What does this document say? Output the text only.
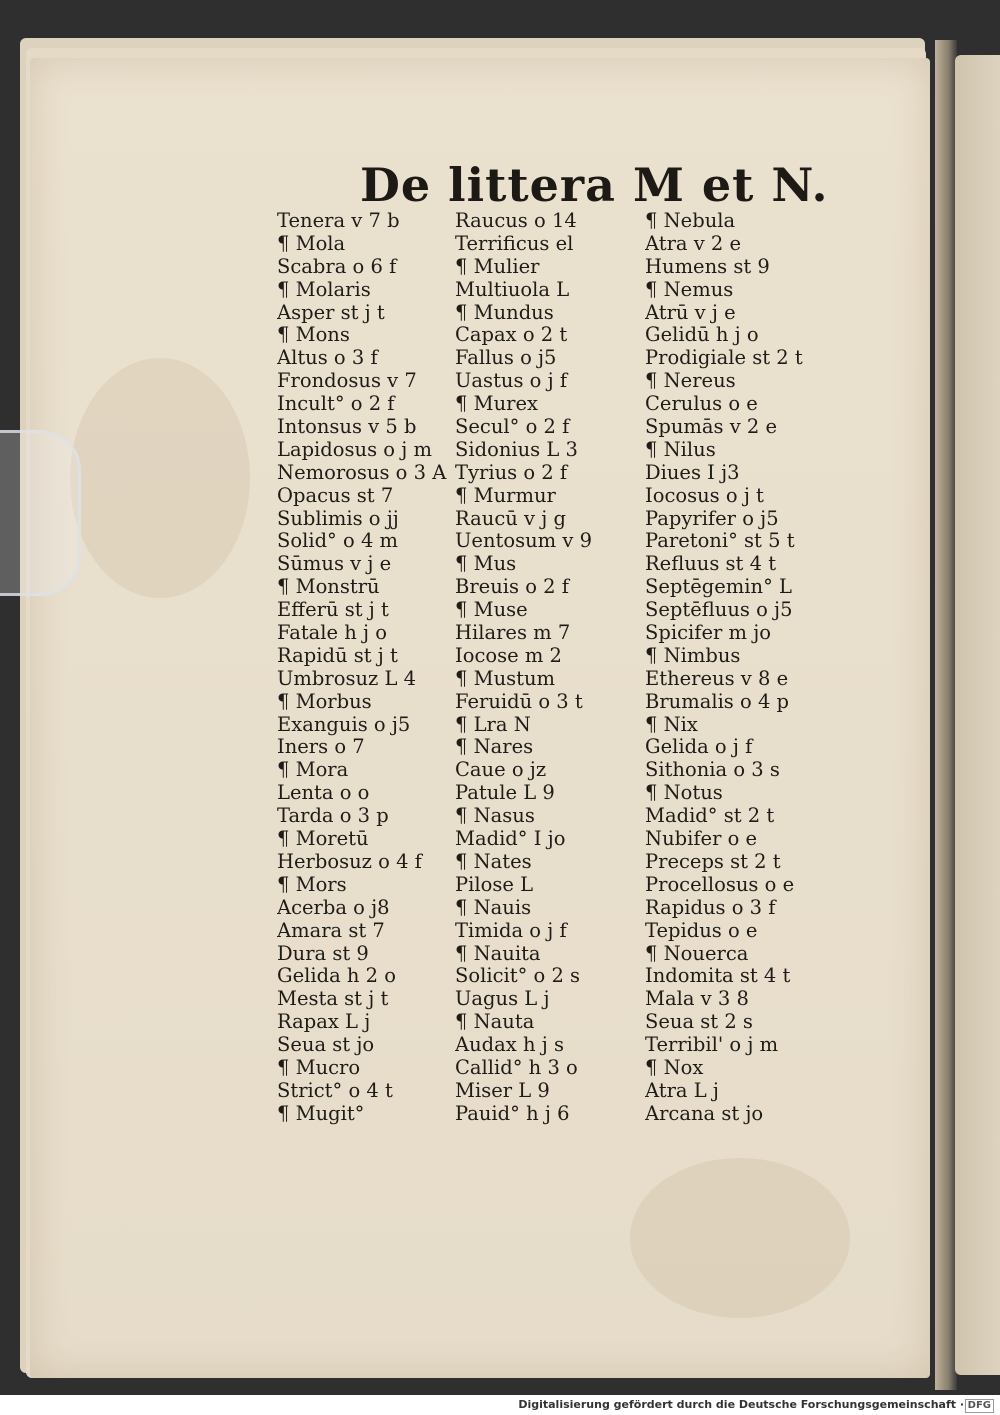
De littera M et N.
Tenera v 7 b
¶ Mola
Scabra o 6 f
¶ Molaris
Asper st j t
¶ Mons
Altus o 3 f
Frondosus v 7
Incult° o 2 f
Intonsus v 5 b
Lapidosus o j m
Nemorosus o 3 A
Opacus st 7
Sublimis o jj
Solid° o 4 m
Sūmus v j e
¶ Monstrū
Efferū st j t
Fatale h j o
Rapidū st j t
Umbrosuz L 4
¶ Morbus
Exanguis o j5
Iners o 7
¶ Mora
Lenta o o
Tarda o 3 p
¶ Moretū
Herbosuz o 4 f
¶ Mors
Acerba o j8
Amara st 7
Dura st 9
Gelida h 2 o
Mesta st j t
Rapax L j
Seua st jo
¶ Mucro
Strict° o 4 t
¶ Mugit°
Raucus o 14
Terrificus el
¶ Mulier
Multiuola L
¶ Mundus
Capax o 2 t
Fallus o j5
Uastus o j f
¶ Murex
Secul° o 2 f
Sidonius L 3
Tyrius o 2 f
¶ Murmur
Raucū v j g
Uentosum v 9
¶ Mus
Breuis o 2 f
¶ Muse
Hilares m 7
Iocose m 2
¶ Mustum
Feruidū o 3 t
¶ Lra N
¶ Nares
Caue o jz
Patule L 9
¶ Nasus
Madid° I jo
¶ Nates
Pilose L
¶ Nauis
Timida o j f
¶ Nauita
Solicit° o 2 s
Uagus L j
¶ Nauta
Audax h j s
Callid° h 3 o
Miser L 9
Pauid° h j 6
¶ Nebula
Atra v 2 e
Humens st 9
¶ Nemus
Atrū v j e
Gelidū h j o
Prodigiale st 2 t
¶ Nereus
Cerulus o e
Spumās v 2 e
¶ Nilus
Diues I j3
Iocosus o j t
Papyrifer o j5
Paretoni° st 5 t
Refluus st 4 t
Septēgemin° L
Septēfluus o j5
Spicifer m jo
¶ Nimbus
Ethereus v 8 e
Brumalis o 4 p
¶ Nix
Gelida o j f
Sithonia o 3 s
¶ Notus
Madid° st 2 t
Nubifer o e
Preceps st 2 t
Procellosus o e
Rapidus o 3 f
Tepidus o e
¶ Nouerca
Indomita st 4 t
Mala v 3 8
Seua st 2 s
Terribil' o j m
¶ Nox
Atra L j
Arcana st jo
Digitalisierung gefördert durch die Deutsche Forschungsgemeinschaft · DFG
